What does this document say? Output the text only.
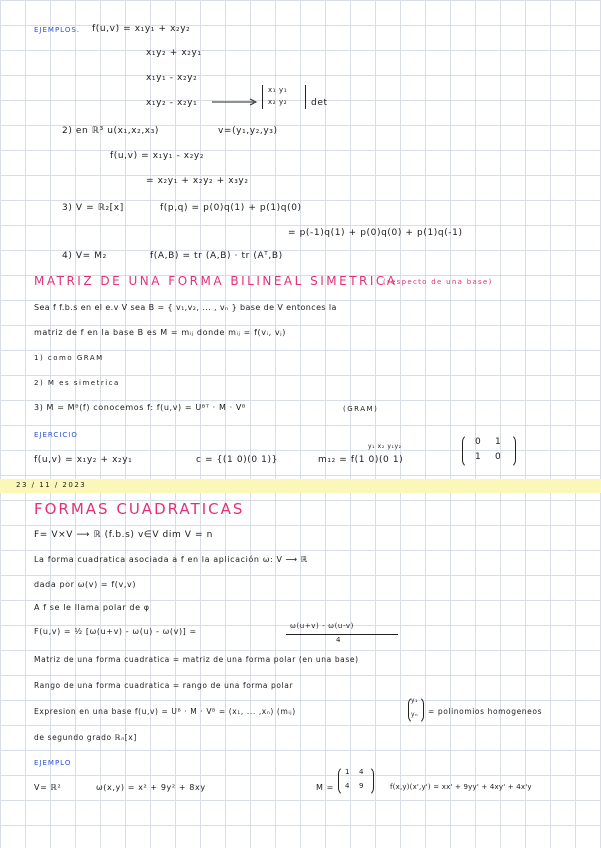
EJEMPLOS. f(u,v) = x₁y₁ + x₂y₂
x₁y₂ + x₂y₁
x₁y₁ - x₂y₂
x₁y₂ - x₂y₁
x₁ y₁
x₂ y₂	det
2) en ℝ³ u(x₁,x₂,x₃)	v=(y₁,y₂,y₃)
f(u,v) = x₁y₁ - x₂y₂
= x₂y₁ + x₂y₂ + x₃y₂
3) V = ℝ₂[x]	f(p,q) = p(0)q(1) + p(1)q(0)
= p(-1)q(1) + p(0)q(0) + p(1)q(-1)
4) V= M₂	f(A,B) = tr (A,B) · tr (Aᵀ,B)
MATRIZ DE UNA FORMA BILINEAL SIMETRICA
(respecto de una base)
Sea f f.b.s en el e.v V sea B = { v₁,v₂, ... , vₙ } base de V entonces la
matriz de f en la base B es M = mᵢⱼ donde mᵢⱼ = f(vᵢ, vⱼ)
1) como GRAM
2) M es simetrica
3) M = Mᴮ(f) conocemos f: f(u,v) = Uᴮᵀ · M · Vᴮ	(GRAM)
EJERCICIO
f(u,v) = x₁y₂ + x₂y₁	c = {(1 0)(0 1)}	m₁₂ = f(1 0)(0 1)
y₁ x₂ y₁y₂	0 1
1 0
23 / 11 / 2023
FORMAS CUADRATICAS
F= V×V ⟶ ℝ (f.b.s) v∈V dim V = n
La forma cuadratica asociada a f en la aplicación ω: V ⟶ ℝ
dada por ω(v) = f(v,v)
A f se le llama polar de φ
F(u,v) = ½ [ω(u+v) - ω(u) - ω(v)] =
ω(u+v) - ω(u-v)
4
Matriz de una forma cuadratica = matriz de una forma polar (en una base)
Rango de una forma cuadratica = rango de una forma polar
Expresion en una base f(u,v) = Uᴮ · M · Vᴮ = (x₁, ... ,xₙ) (mᵢⱼ)
y₁
yₙ = polinomios homogeneos
de segundo grado ℝₙ[x]
EJEMPLO
V= ℝ²	ω(x,y) = x² + 9y² + 8xy	M =
1 4
4 9	f(x,y)(x',y') = xx' + 9yy' + 4xy' + 4x'y
